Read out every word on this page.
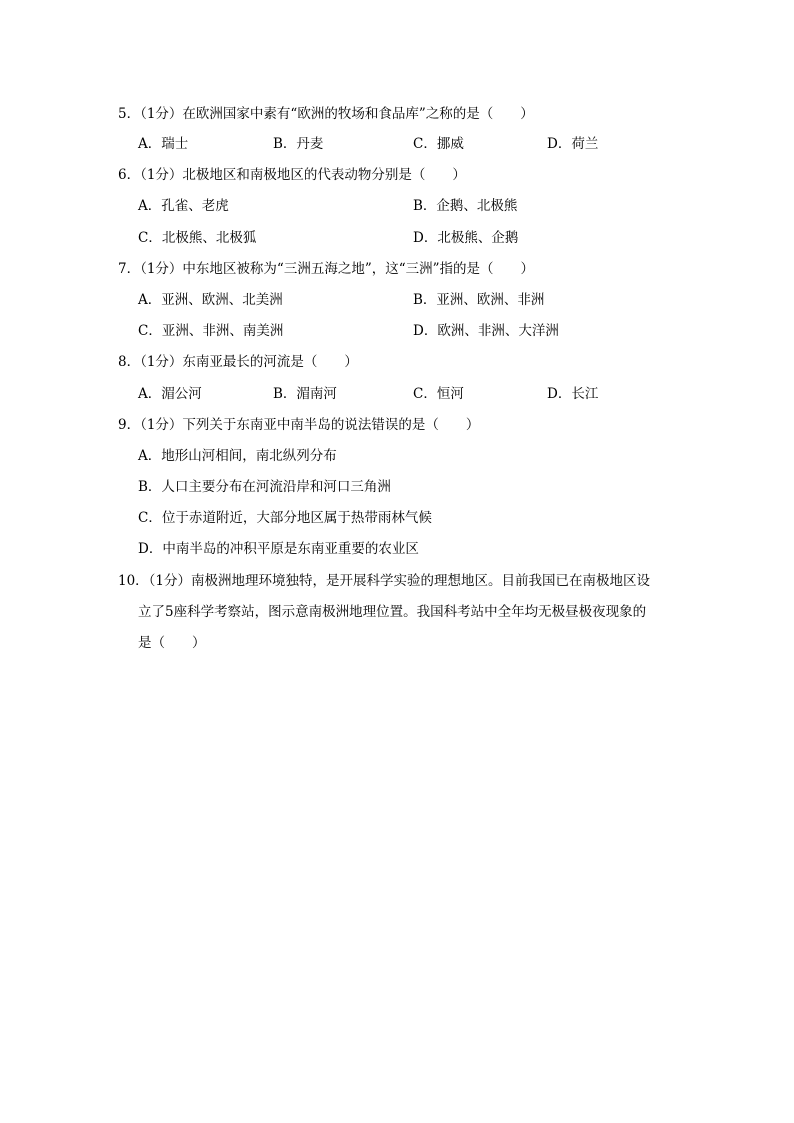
5．（1分）在欧洲国家中素有“欧洲的牧场和食品库”之称的是（　　）
A．瑞士	B．丹麦	C．挪威	D．荷兰
6．（1分）北极地区和南极地区的代表动物分别是（　　）
A．孔雀、老虎	B．企鹅、北极熊
C．北极熊、北极狐	D．北极熊、企鹅
7．（1分）中东地区被称为“三洲五海之地”，这“三洲”指的是（　　）
A．亚洲、欧洲、北美洲	B．亚洲、欧洲、非洲
C．亚洲、非洲、南美洲	D．欧洲、非洲、大洋洲
8．（1分）东南亚最长的河流是（　　）
A．湄公河	B．湄南河	C．恒河	D．长江
9．（1分）下列关于东南亚中南半岛的说法错误的是（　　）
A．地形山河相间，南北纵列分布
B．人口主要分布在河流沿岸和河口三角洲
C．位于赤道附近，大部分地区属于热带雨林气候
D．中南半岛的冲积平原是东南亚重要的农业区
10．（1分）南极洲地理环境独特，是开展科学实验的理想地区。目前我国已在南极地区设
立了5座科学考察站，图示意南极洲地理位置。我国科考站中全年均无极昼极夜现象的
是（　　）
